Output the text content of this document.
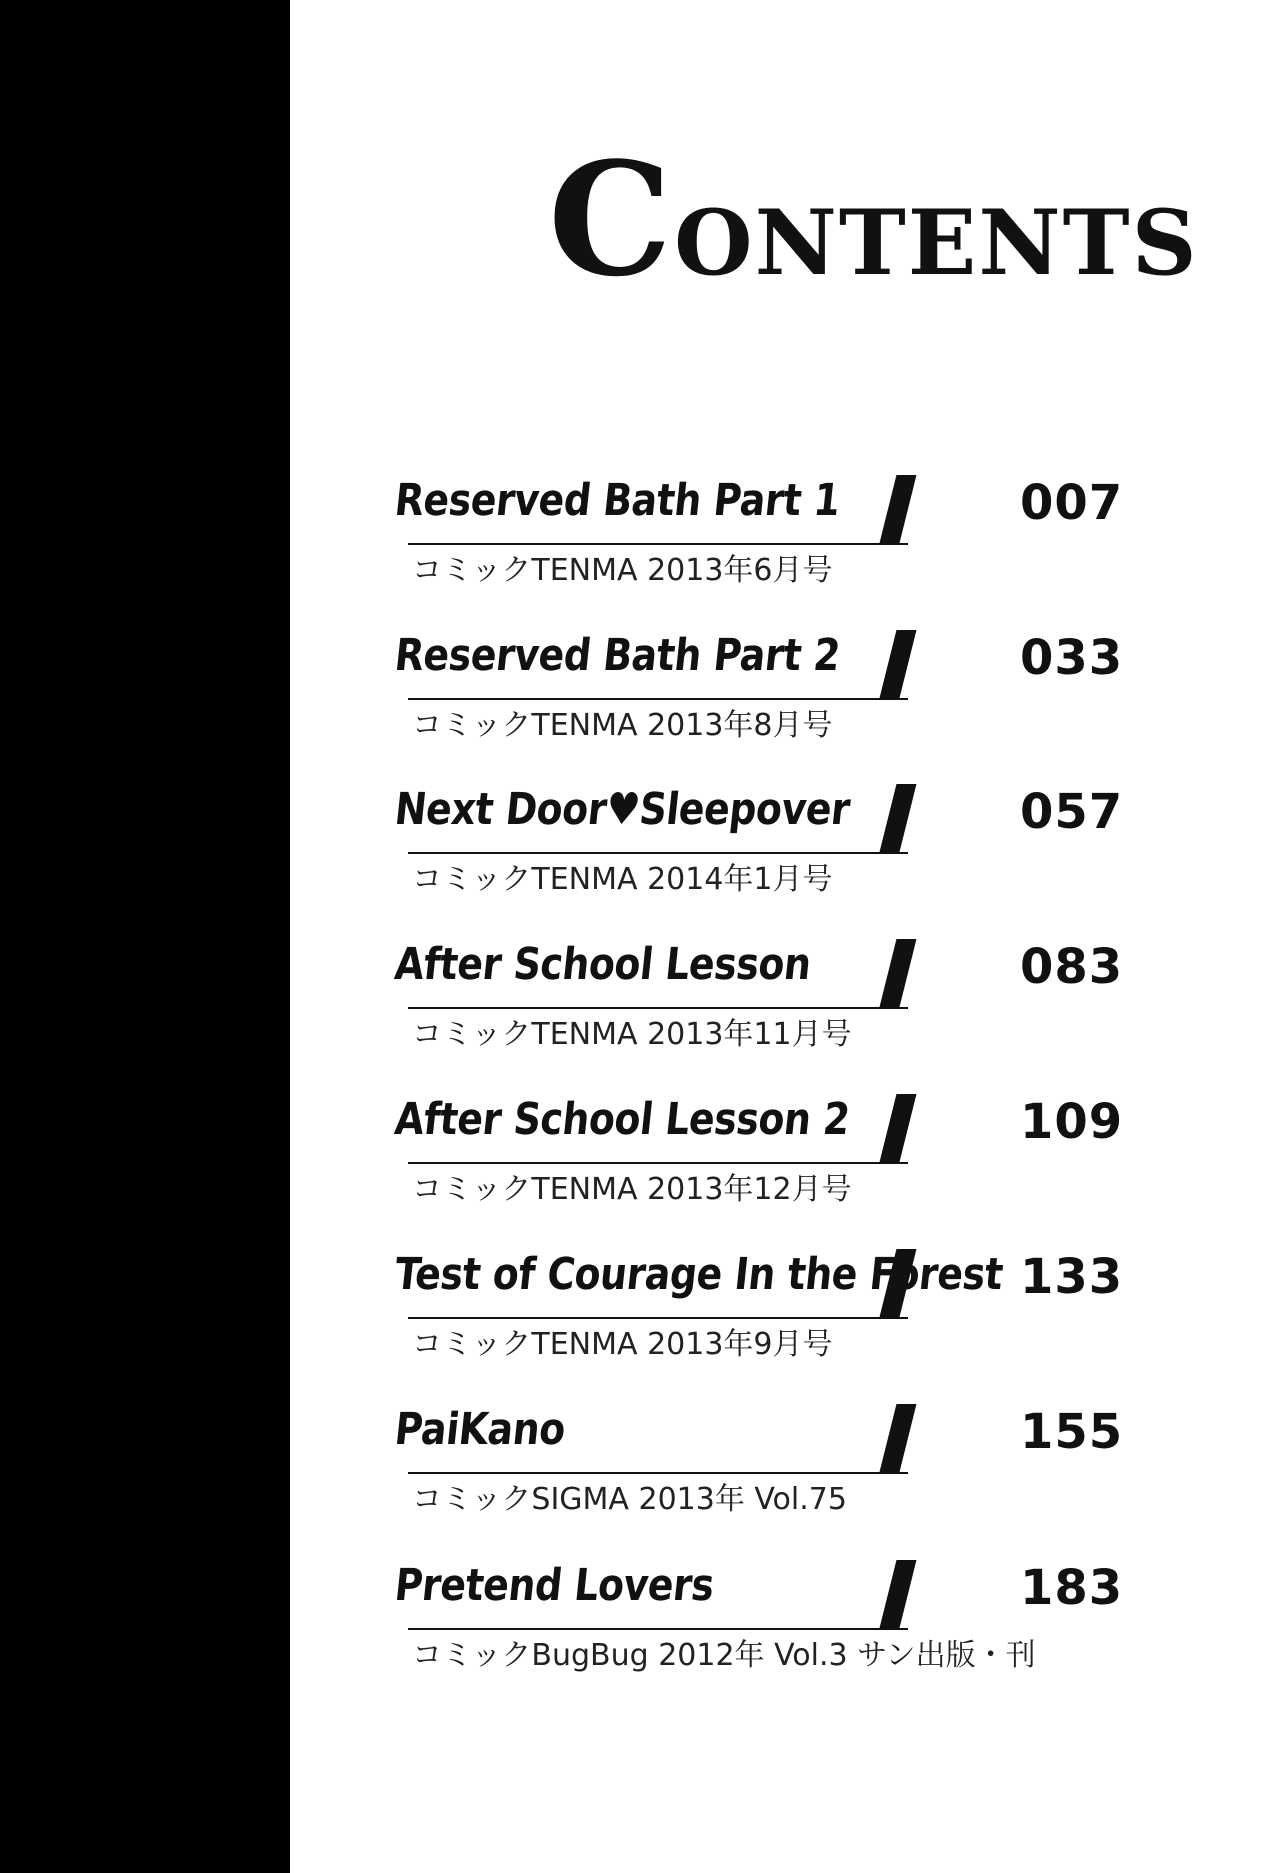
CONTENTS
Reserved Bath Part 1	007
コミックTENMA 2013年6月号
Reserved Bath Part 2	033
コミックTENMA 2013年8月号
Next Door♥Sleepover	057
コミックTENMA 2014年1月号
After School Lesson	083
コミックTENMA 2013年11月号
After School Lesson 2	109
コミックTENMA 2013年12月号
Test of Courage In the Forest 133
コミックTENMA 2013年9月号
PaiKano	155
コミックSIGMA 2013年 Vol.75
Pretend Lovers	183
コミックBugBug 2012年 Vol.3 サン出版・刊
